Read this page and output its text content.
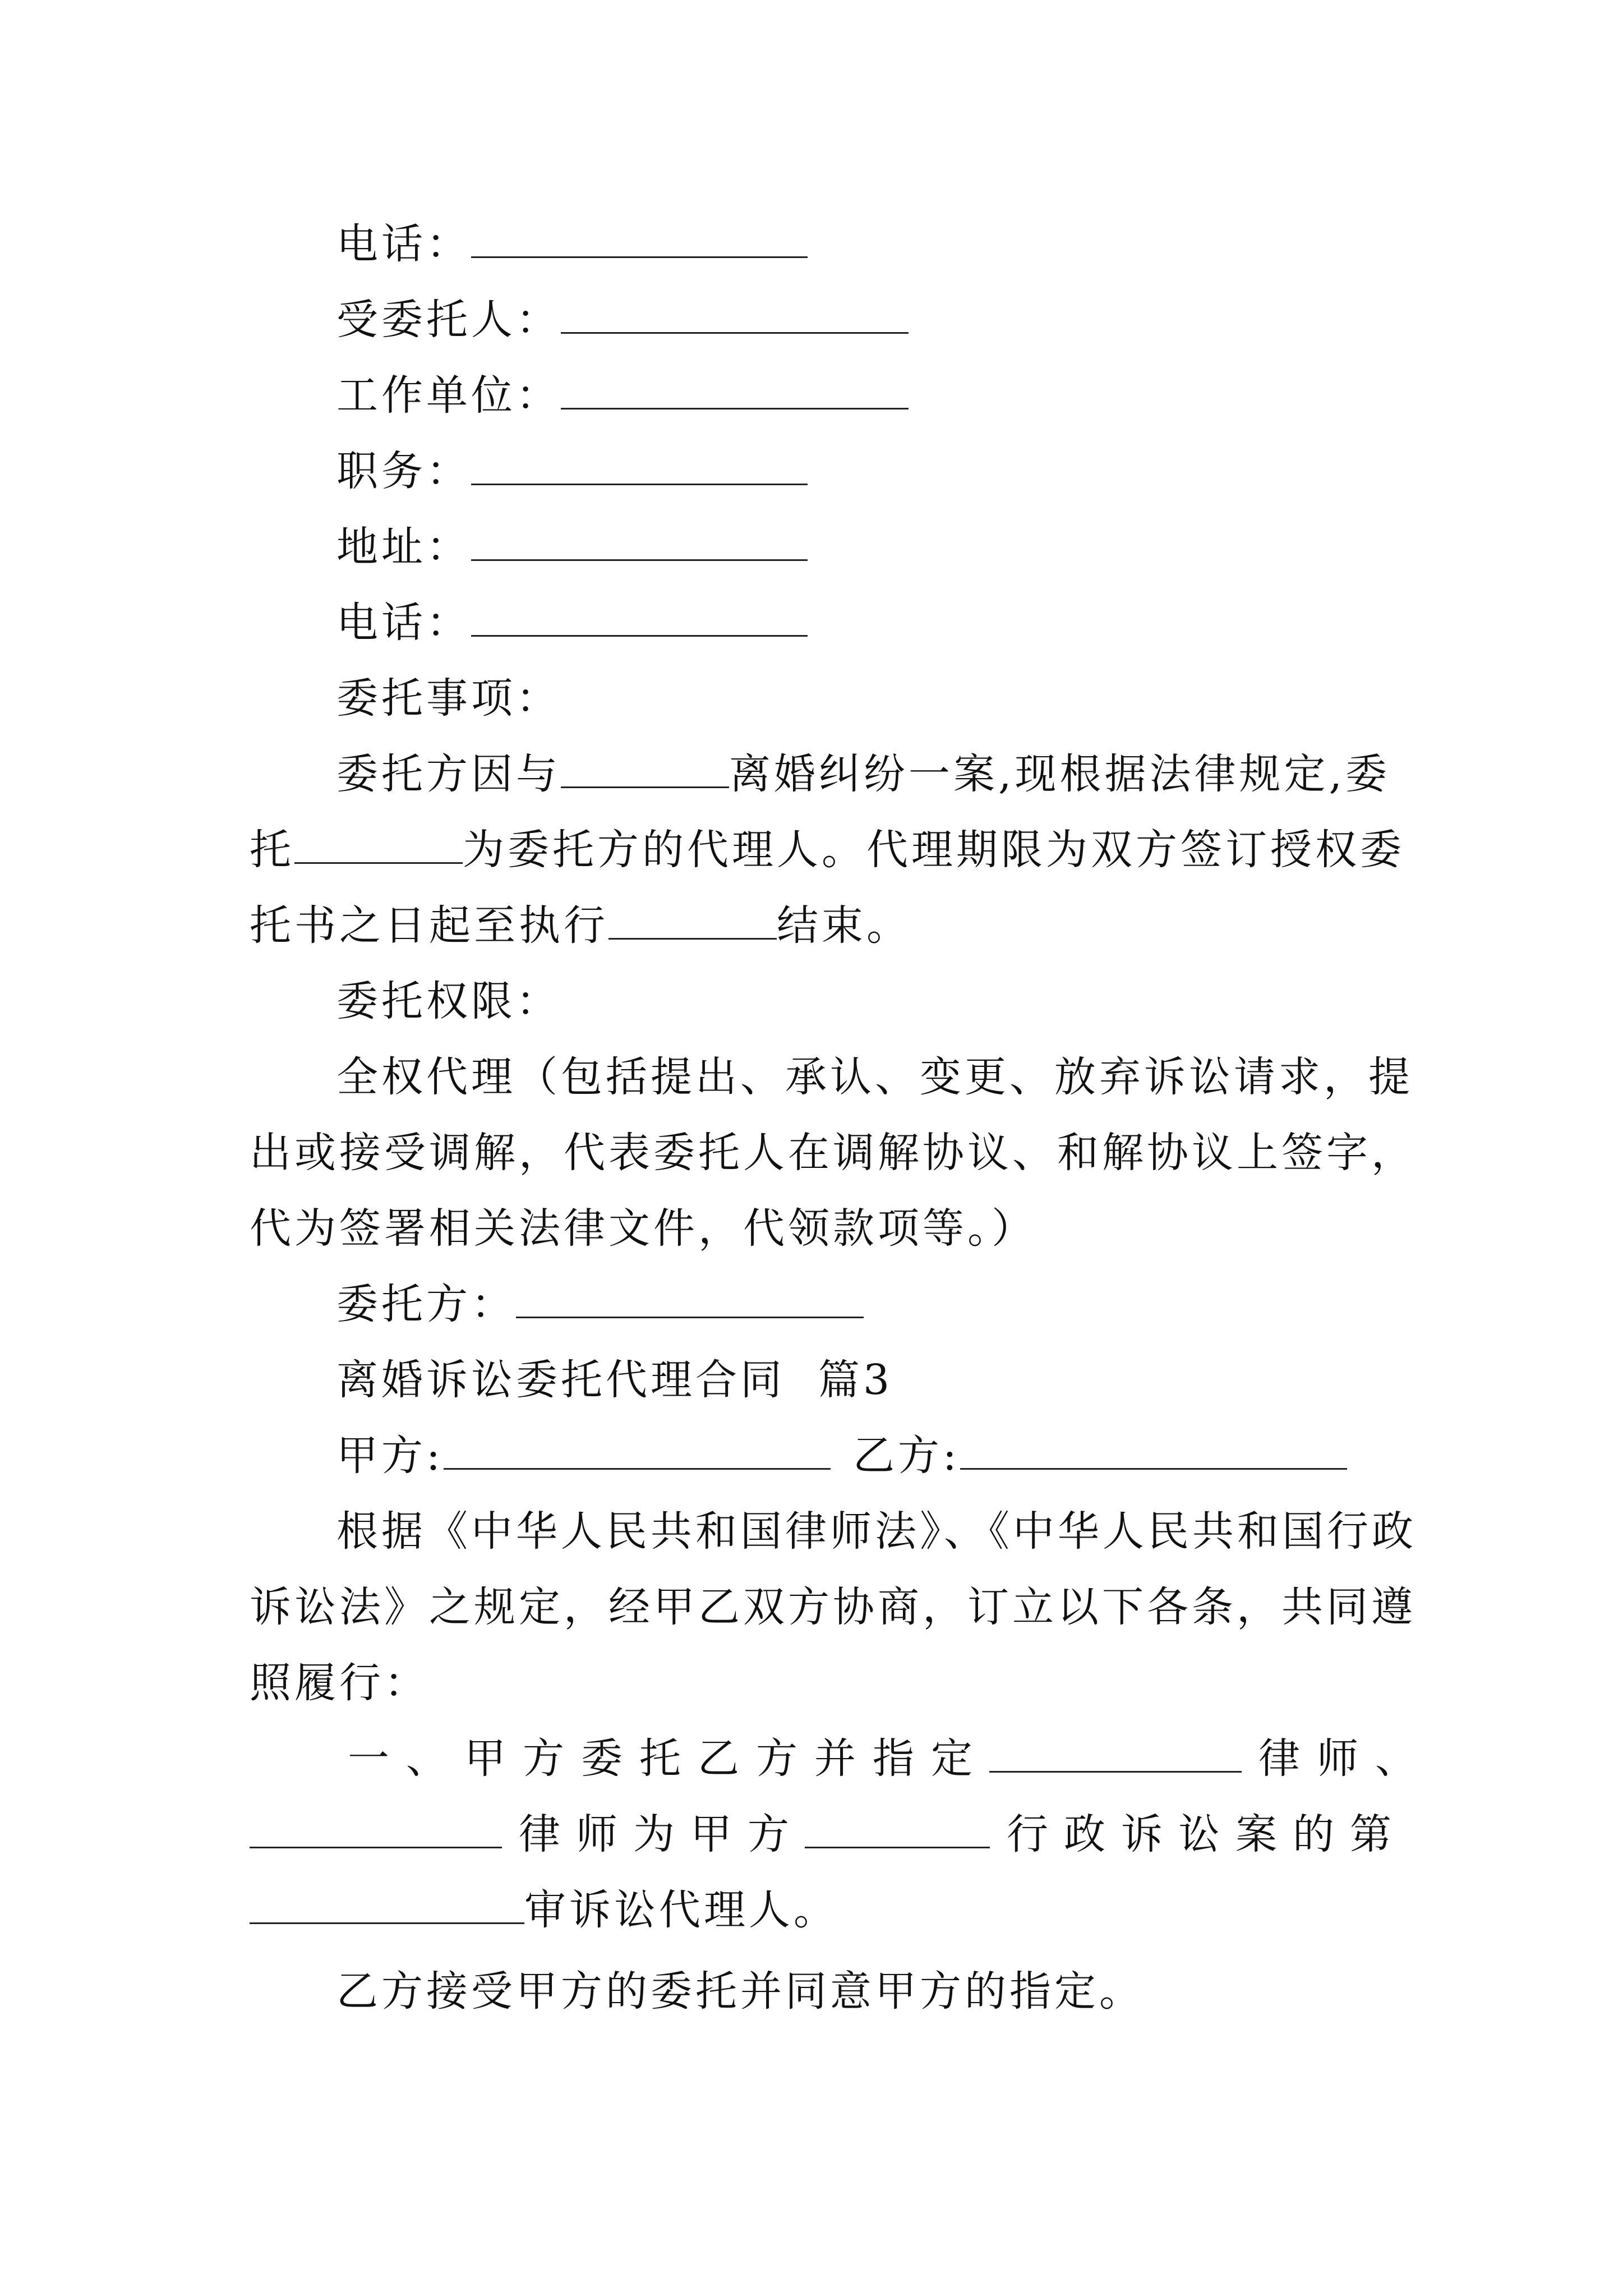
电话：
受委托人：
工作单位：
职务：
地址：
电话：
委托事项：
委托方因与	离婚纠纷一案,现根据法律规定,委
托	为委托方的代理人。代理期限为双方签订授权委
托书之日起至执行	结束。
委托权限：
全权代理（包括提出、承认、变更、放弃诉讼请求，提
出或接受调解，代表委托人在调解协议、和解协议上签字，
代为签署相关法律文件，代领款项等。）
委托方：
离婚诉讼委托代理合同  篇3
甲方:	乙方:
根据《中华人民共和国律师法》、《中华人民共和国行政
诉讼法》之规定，经甲乙双方协商，订立以下各条，共同遵
照履行：
一、甲方委托乙方并指定	律师、
律师为甲方	行政诉讼案的第
审诉讼代理人。
乙方接受甲方的委托并同意甲方的指定。
